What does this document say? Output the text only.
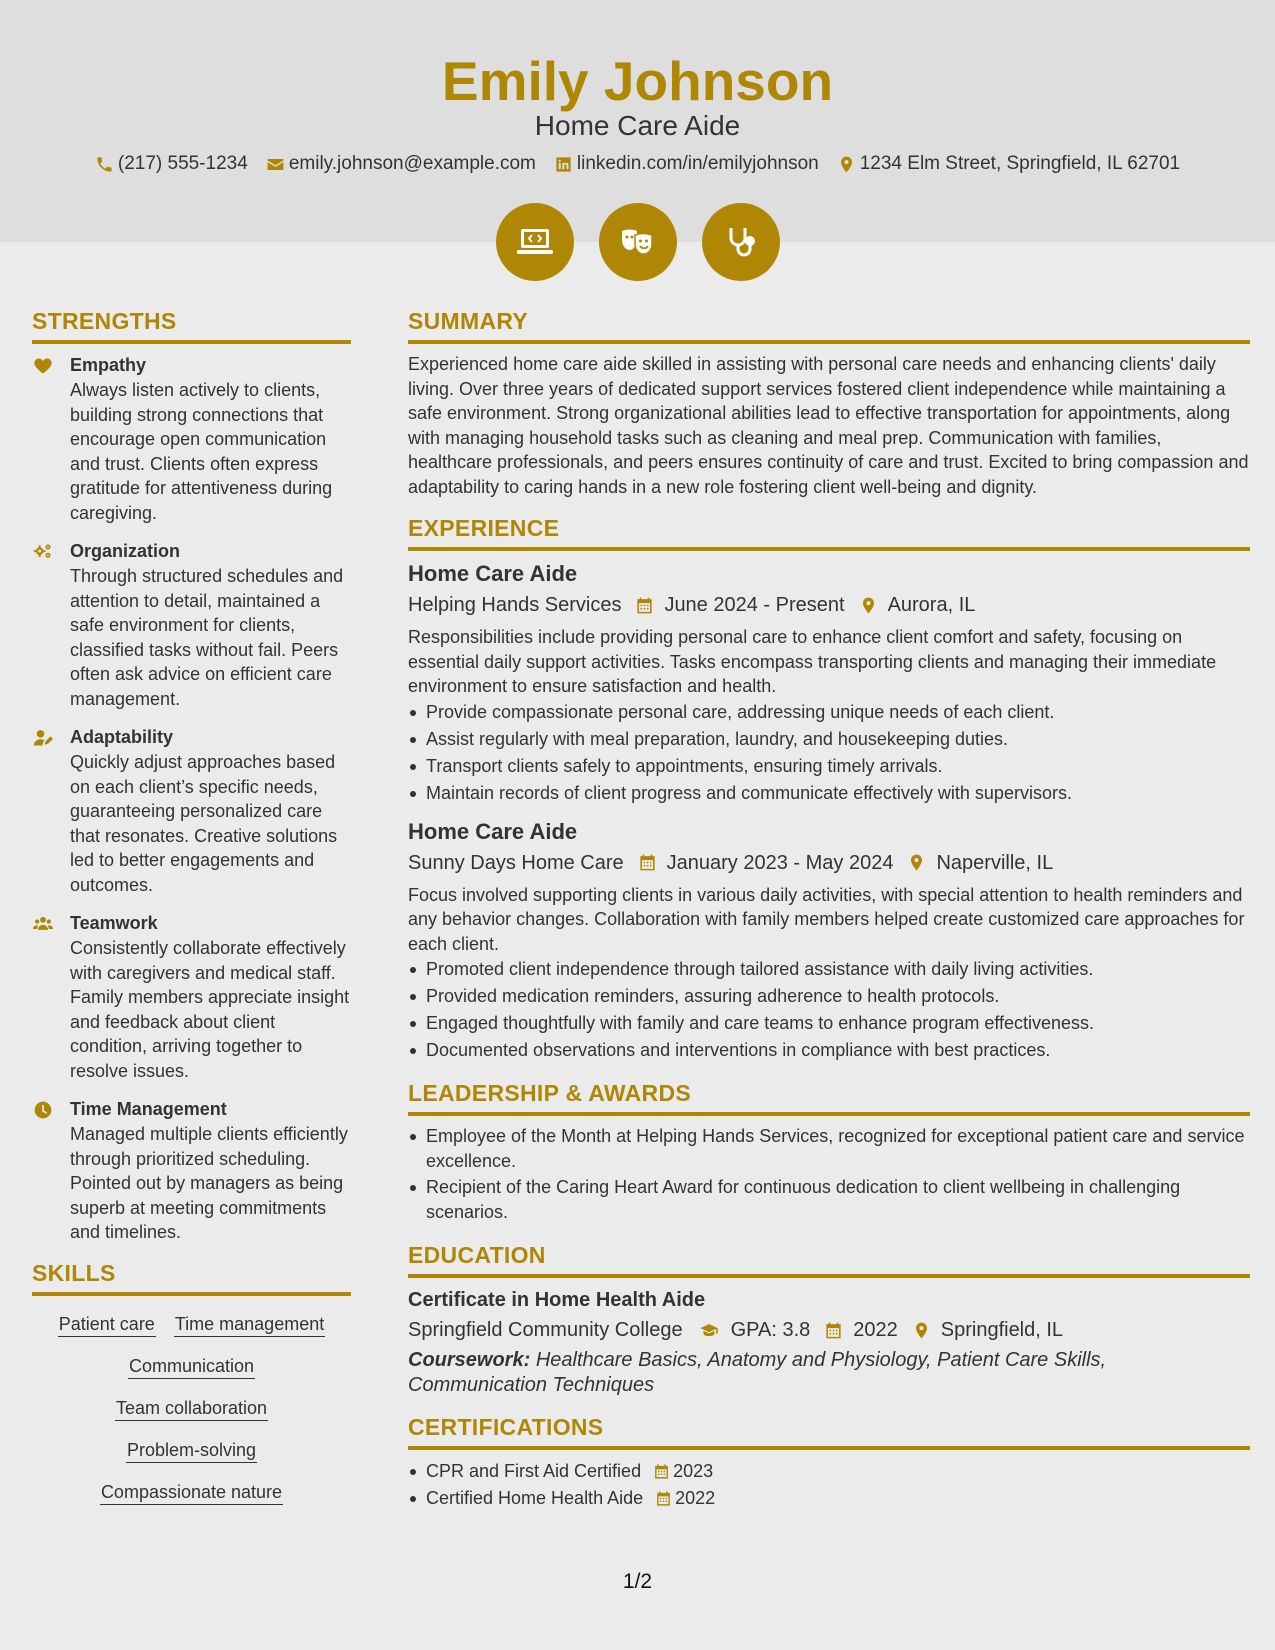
Emily Johnson
Home Care Aide
(217) 555-1234 emily.johnson@example.com linkedin.com/in/emilyjohnson 1234 Elm Street, Springfield, IL 62701
STRENGTHS
Empathy
Always listen actively to clients, building strong connections that encourage open communication and trust. Clients often express gratitude for attentiveness during caregiving.
Organization
Through structured schedules and attention to detail, maintained a safe environment for clients, classified tasks without fail. Peers often ask advice on efficient care management.
Adaptability
Quickly adjust approaches based on each client’s specific needs, guaranteeing personalized care that resonates. Creative solutions led to better engagements and outcomes.
Teamwork
Consistently collaborate effectively with caregivers and medical staff. Family members appreciate insight and feedback about client condition, arriving together to resolve issues.
Time Management
Managed multiple clients efficiently through prioritized scheduling. Pointed out by managers as being superb at meeting commitments and timelines.
SKILLS
Patient care Time management
Communication
Team collaboration
Problem-solving
Compassionate nature
SUMMARY
Experienced home care aide skilled in assisting with personal care needs and enhancing clients' daily living. Over three years of dedicated support services fostered client independence while maintaining a safe environment. Strong organizational abilities lead to effective transportation for appointments, along with managing household tasks such as cleaning and meal prep. Communication with families, healthcare professionals, and peers ensures continuity of care and trust. Excited to bring compassion and adaptability to caring hands in a new role fostering client well-being and dignity.
EXPERIENCE
Home Care Aide
Helping Hands Services June 2024 - Present Aurora, IL
Responsibilities include providing personal care to enhance client comfort and safety, focusing on essential daily support activities. Tasks encompass transporting clients and managing their immediate environment to ensure satisfaction and health.
Provide compassionate personal care, addressing unique needs of each client.
Assist regularly with meal preparation, laundry, and housekeeping duties.
Transport clients safely to appointments, ensuring timely arrivals.
Maintain records of client progress and communicate effectively with supervisors.
Home Care Aide
Sunny Days Home Care January 2023 - May 2024 Naperville, IL
Focus involved supporting clients in various daily activities, with special attention to health reminders and any behavior changes. Collaboration with family members helped create customized care approaches for each client.
Promoted client independence through tailored assistance with daily living activities.
Provided medication reminders, assuring adherence to health protocols.
Engaged thoughtfully with family and care teams to enhance program effectiveness.
Documented observations and interventions in compliance with best practices.
LEADERSHIP & AWARDS
Employee of the Month at Helping Hands Services, recognized for exceptional patient care and service excellence.
Recipient of the Caring Heart Award for continuous dedication to client wellbeing in challenging scenarios.
EDUCATION
Certificate in Home Health Aide
Springfield Community College GPA: 3.8 2022 Springfield, IL
Coursework: Healthcare Basics, Anatomy and Physiology, Patient Care Skills, Communication Techniques
CERTIFICATIONS
CPR and First Aid Certified 2023
Certified Home Health Aide 2022
1/2
